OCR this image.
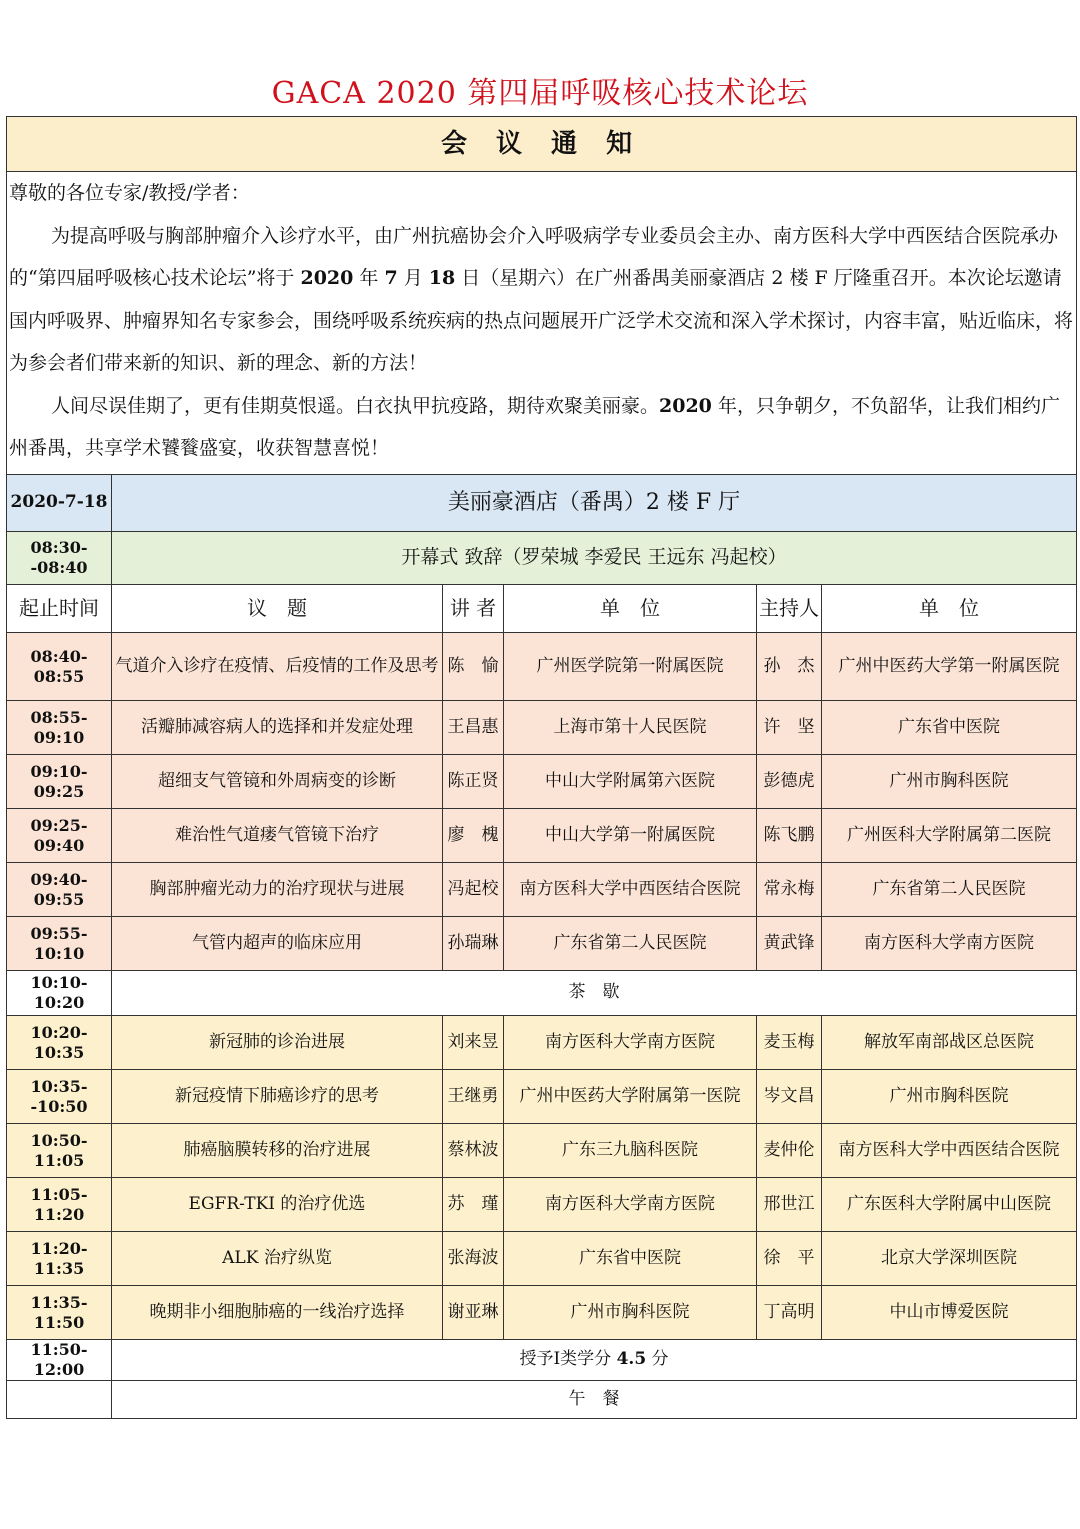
GACA 2020 第四届呼吸核心技术论坛
会 议 通 知					

尊敬的各位专家/教授/学者：

为提高呼吸与胸部肿瘤介入诊疗水平，由广州抗癌协会介入呼吸病学专业委员会主办、南方医科大学中西医结合医院承办的“第四届呼吸核心技术论坛”将于 2020 年 7 月 18 日（星期六）在广州番禺美丽豪酒店 2 楼 F 厅隆重召开。本次论坛邀请国内呼吸界、肿瘤界知名专家参会，围绕呼吸系统疾病的热点问题展开广泛学术交流和深入学术探讨，内容丰富，贴近临床，将为参会者们带来新的知识、新的理念、新的方法！

人间尽误佳期了，更有佳期莫恨遥。白衣执甲抗疫路，期待欢聚美丽豪。2020 年，只争朝夕，不负韶华，让我们相约广州番禺，共享学术饕餮盛宴，收获智慧喜悦！					

2020-7-18	美丽豪酒店（番禺）2 楼 F 厅				
08:30--08:40	开幕式 致辞（罗荣城 李爱民 王远东 冯起校）				
起止时间	议　题	讲 者	单　位	主持人	单　位
08:40-08:55	气道介入诊疗在疫情、后疫情的工作及思考	陈　愉	广州医学院第一附属医院	孙　杰	广州中医药大学第一附属医院
08:55-09:10	活瓣肺减容病人的选择和并发症处理	王昌惠	上海市第十人民医院	许　坚	广东省中医院
09:10-09:25	超细支气管镜和外周病变的诊断	陈正贤	中山大学附属第六医院	彭德虎	广州市胸科医院
09:25-09:40	难治性气道瘘气管镜下治疗	廖　槐	中山大学第一附属医院	陈飞鹏	广州医科大学附属第二医院
09:40-09:55	胸部肿瘤光动力的治疗现状与进展	冯起校	南方医科大学中西医结合医院	常永梅	广东省第二人民医院
09:55-10:10	气管内超声的临床应用	孙瑞琳	广东省第二人民医院	黄武锋	南方医科大学南方医院
10:10-10:20	茶　歇				
10:20-10:35	新冠肺的诊治进展	刘来昱	南方医科大学南方医院	麦玉梅	解放军南部战区总医院
10:35--10:50	新冠疫情下肺癌诊疗的思考	王继勇	广州中医药大学附属第一医院	岑文昌	广州市胸科医院
10:50-11:05	肺癌脑膜转移的治疗进展	蔡林波	广东三九脑科医院	麦仲伦	南方医科大学中西医结合医院
11:05-11:20	EGFR-TKI 的治疗优选	苏　瑾	南方医科大学南方医院	邢世江	广东医科大学附属中山医院
11:20-11:35	ALK 治疗纵览	张海波	广东省中医院	徐　平	北京大学深圳医院
11:35-11:50	晚期非小细胞肺癌的一线治疗选择	谢亚琳	广州市胸科医院	丁高明	中山市博爱医院
11:50-12:00	授予Ⅰ类学分 4.5 分				
	午　餐				
